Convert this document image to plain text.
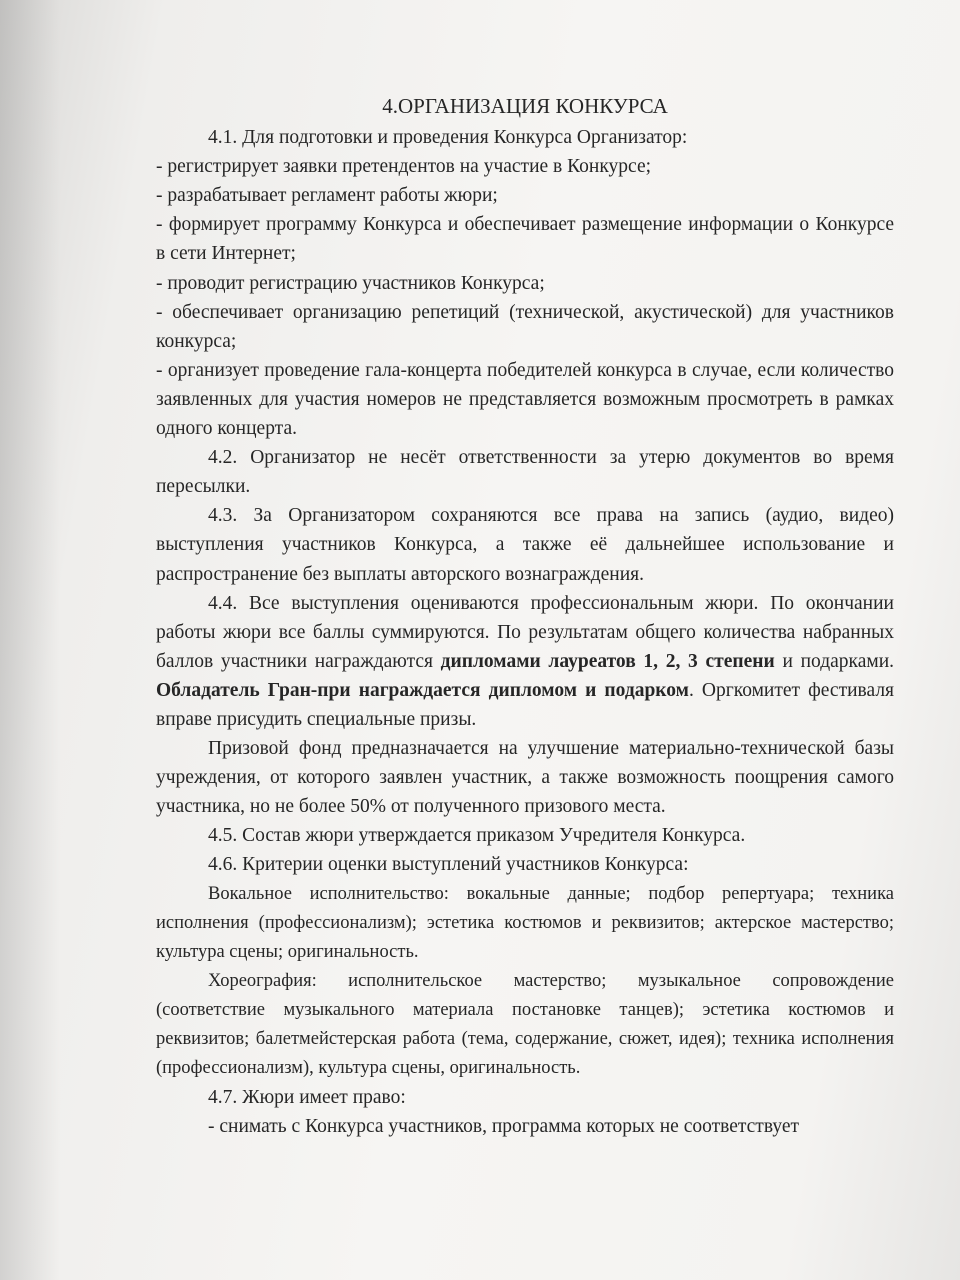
4.ОРГАНИЗАЦИЯ КОНКУРСА

4.1. Для подготовки и проведения Конкурса Организатор:

- регистрирует заявки претендентов на участие в Конкурсе;

- разрабатывает регламент работы жюри;

- формирует программу Конкурса и обеспечивает размещение информации о Конкурсе в сети Интернет;

- проводит регистрацию участников Конкурса;

- обеспечивает организацию репетиций (технической, акустической) для участников конкурса;

- организует проведение гала-концерта победителей конкурса в случае, если количество заявленных для участия номеров не представляется возможным просмотреть в рамках одного концерта.

4.2. Организатор не несёт ответственности за утерю документов во время пересылки.

4.3. За Организатором сохраняются все права на запись (аудио, видео) выступления участников Конкурса, а также её дальнейшее использование и распространение без выплаты авторского вознаграждения.

4.4. Все выступления оцениваются профессиональным жюри. По окончании работы жюри все баллы суммируются. По результатам общего количества набранных баллов участники награждаются дипломами лауреатов 1, 2, 3 степени и подарками. Обладатель Гран-при награждается дипломом и подарком. Оргкомитет фестиваля вправе присудить специальные призы.

Призовой фонд предназначается на улучшение материально-технической базы учреждения, от которого заявлен участник, а также возможность поощрения самого участника, но не более 50% от полученного призового места.

4.5. Состав жюри утверждается приказом Учредителя Конкурса.

4.6. Критерии оценки выступлений участников Конкурса:

Вокальное исполнительство: вокальные данные; подбор репертуара; техника исполнения (профессионализм); эстетика костюмов и реквизитов; актерское мастерство; культура сцены; оригинальность.

Хореография: исполнительское мастерство; музыкальное сопровождение (соответствие музыкального материала постановке танцев); эстетика костюмов и реквизитов; балетмейстерская работа (тема, содержание, сюжет, идея); техника исполнения (профессионализм), культура сцены, оригинальность.

4.7. Жюри имеет право:

- снимать с Конкурса участников, программа которых не соответствует
